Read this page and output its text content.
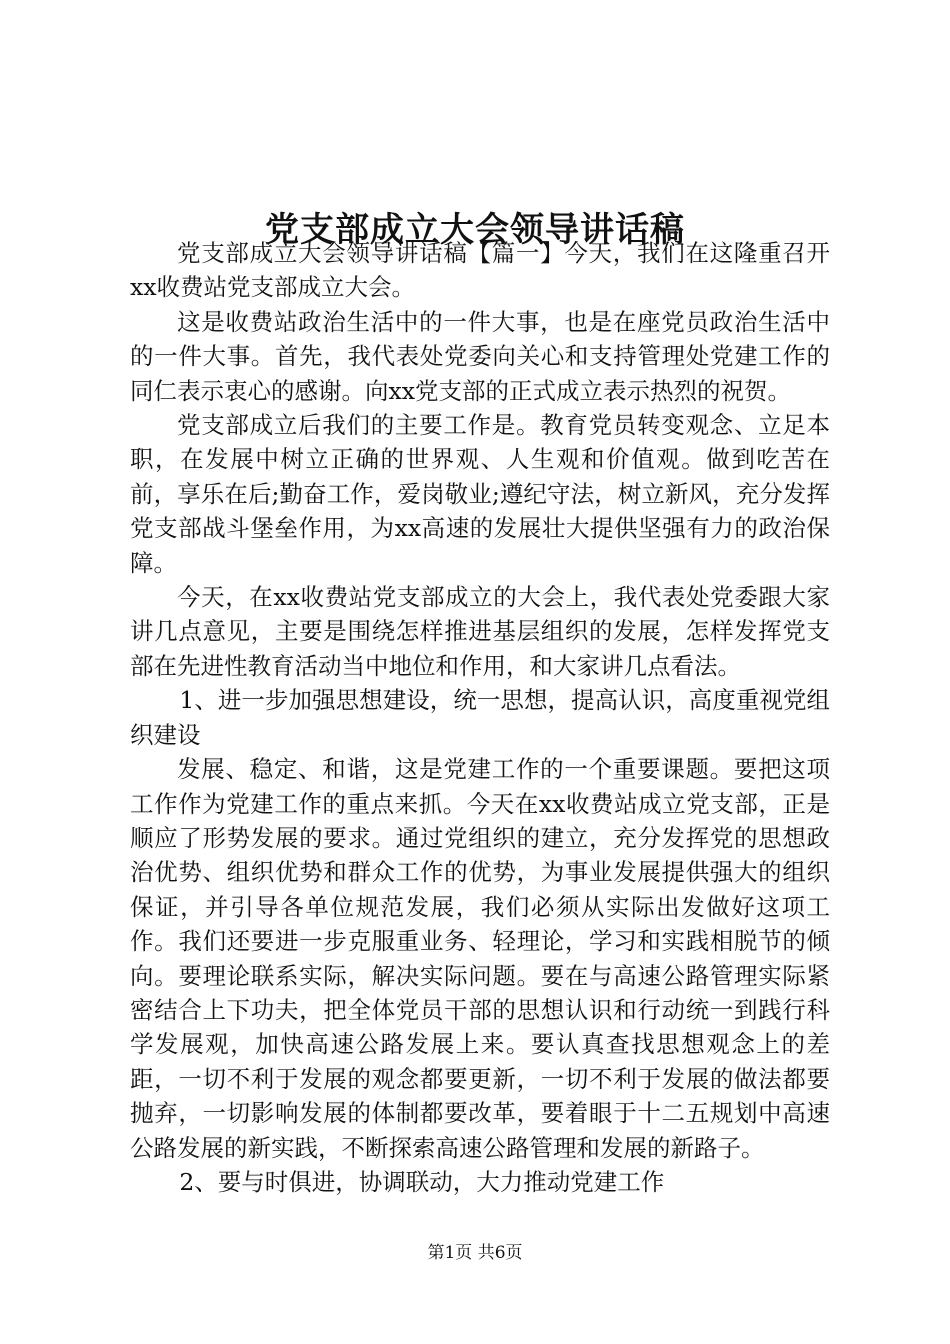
党支部成立大会领导讲话稿

党支部成立大会领导讲话稿【篇一】今天，我们在这隆重召开xx收费站党支部成立大会。

这是收费站政治生活中的一件大事，也是在座党员政治生活中的一件大事。首先，我代表处党委向关心和支持管理处党建工作的同仁表示衷心的感谢。向xx党支部的正式成立表示热烈的祝贺。

党支部成立后我们的主要工作是。教育党员转变观念、立足本职，在发展中树立正确的世界观、人生观和价值观。做到吃苦在前，享乐在后;勤奋工作，爱岗敬业;遵纪守法，树立新风，充分发挥党支部战斗堡垒作用，为xx高速的发展壮大提供坚强有力的政治保障。

今天，在xx收费站党支部成立的大会上，我代表处党委跟大家讲几点意见，主要是围绕怎样推进基层组织的发展，怎样发挥党支部在先进性教育活动当中地位和作用，和大家讲几点看法。

1、进一步加强思想建设，统一思想，提高认识，高度重视党组织建设

发展、稳定、和谐，这是党建工作的一个重要课题。要把这项工作作为党建工作的重点来抓。今天在xx收费站成立党支部，正是顺应了形势发展的要求。通过党组织的建立，充分发挥党的思想政治优势、组织优势和群众工作的优势，为事业发展提供强大的组织保证，并引导各单位规范发展，我们必须从实际出发做好这项工作。我们还要进一步克服重业务、轻理论，学习和实践相脱节的倾向。要理论联系实际，解决实际问题。要在与高速公路管理实际紧密结合上下功夫，把全体党员干部的思想认识和行动统一到践行科学发展观，加快高速公路发展上来。要认真查找思想观念上的差距，一切不利于发展的观念都要更新，一切不利于发展的做法都要抛弃，一切影响发展的体制都要改革，要着眼于十二五规划中高速公路发展的新实践，不断探索高速公路管理和发展的新路子。

2、要与时俱进，协调联动，大力推动党建工作

第1页 共6页
